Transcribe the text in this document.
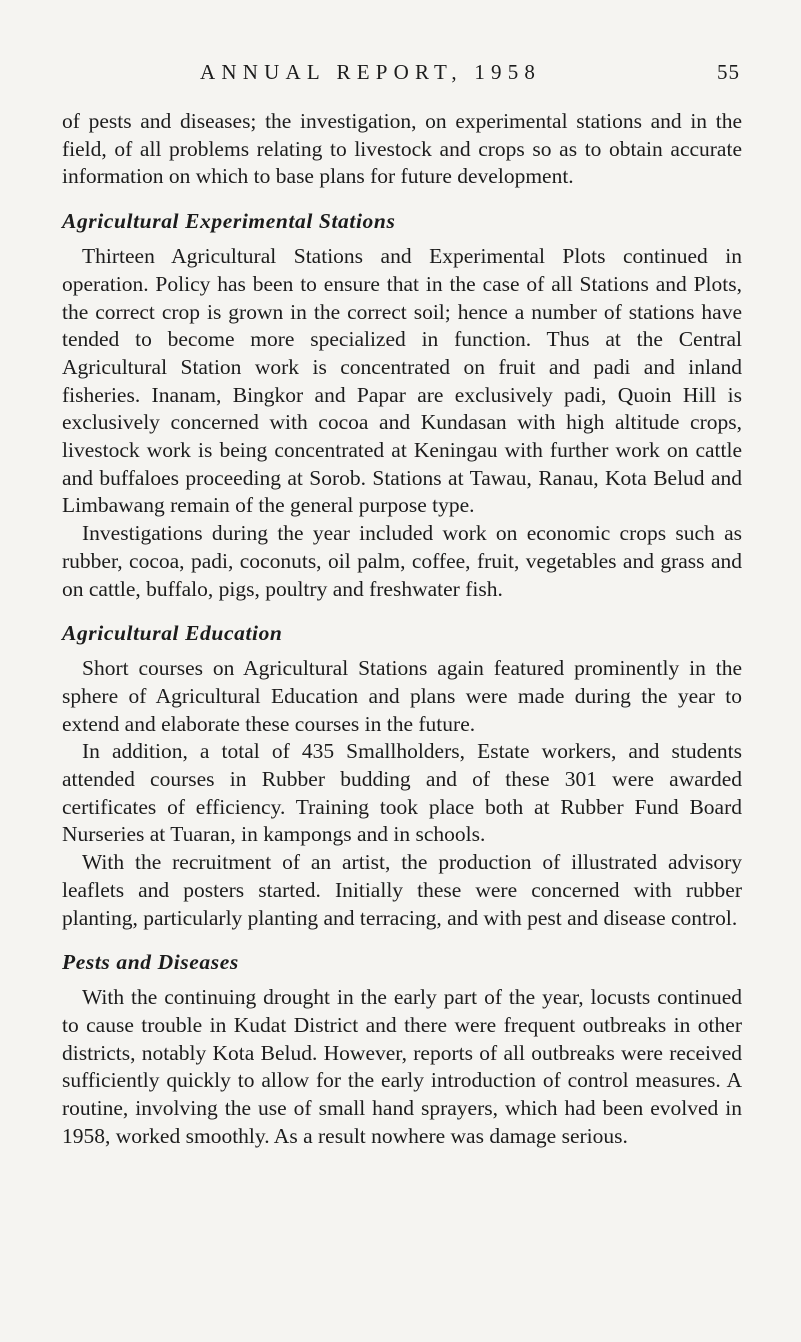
ANNUAL REPORT, 1958	55

of pests and diseases; the investigation, on experimental stations and in the field, of all problems relating to livestock and crops so as to obtain accurate information on which to base plans for future development.

Agricultural Experimental Stations

Thirteen Agricultural Stations and Experimental Plots continued in operation. Policy has been to ensure that in the case of all Stations and Plots, the correct crop is grown in the correct soil; hence a number of stations have tended to become more specialized in function. Thus at the Central Agricultural Station work is concentrated on fruit and padi and inland fisheries. Inanam, Bingkor and Papar are exclusively padi, Quoin Hill is exclusively concerned with cocoa and Kundasan with high altitude crops, livestock work is being concentrated at Keningau with further work on cattle and buffaloes proceeding at Sorob. Stations at Tawau, Ranau, Kota Belud and Limbawang remain of the general purpose type.

Investigations during the year included work on economic crops such as rubber, cocoa, padi, coconuts, oil palm, coffee, fruit, vegetables and grass and on cattle, buffalo, pigs, poultry and freshwater fish.

Agricultural Education

Short courses on Agricultural Stations again featured prominently in the sphere of Agricultural Education and plans were made during the year to extend and elaborate these courses in the future.

In addition, a total of 435 Smallholders, Estate workers, and students attended courses in Rubber budding and of these 301 were awarded certificates of efficiency. Training took place both at Rubber Fund Board Nurseries at Tuaran, in kampongs and in schools.

With the recruitment of an artist, the production of illustrated advisory leaflets and posters started. Initially these were concerned with rubber planting, particularly planting and terracing, and with pest and disease control.

Pests and Diseases

With the continuing drought in the early part of the year, locusts continued to cause trouble in Kudat District and there were frequent outbreaks in other districts, notably Kota Belud. However, reports of all outbreaks were received sufficiently quickly to allow for the early introduction of control measures. A routine, involving the use of small hand sprayers, which had been evolved in 1958, worked smoothly. As a result nowhere was damage serious.
